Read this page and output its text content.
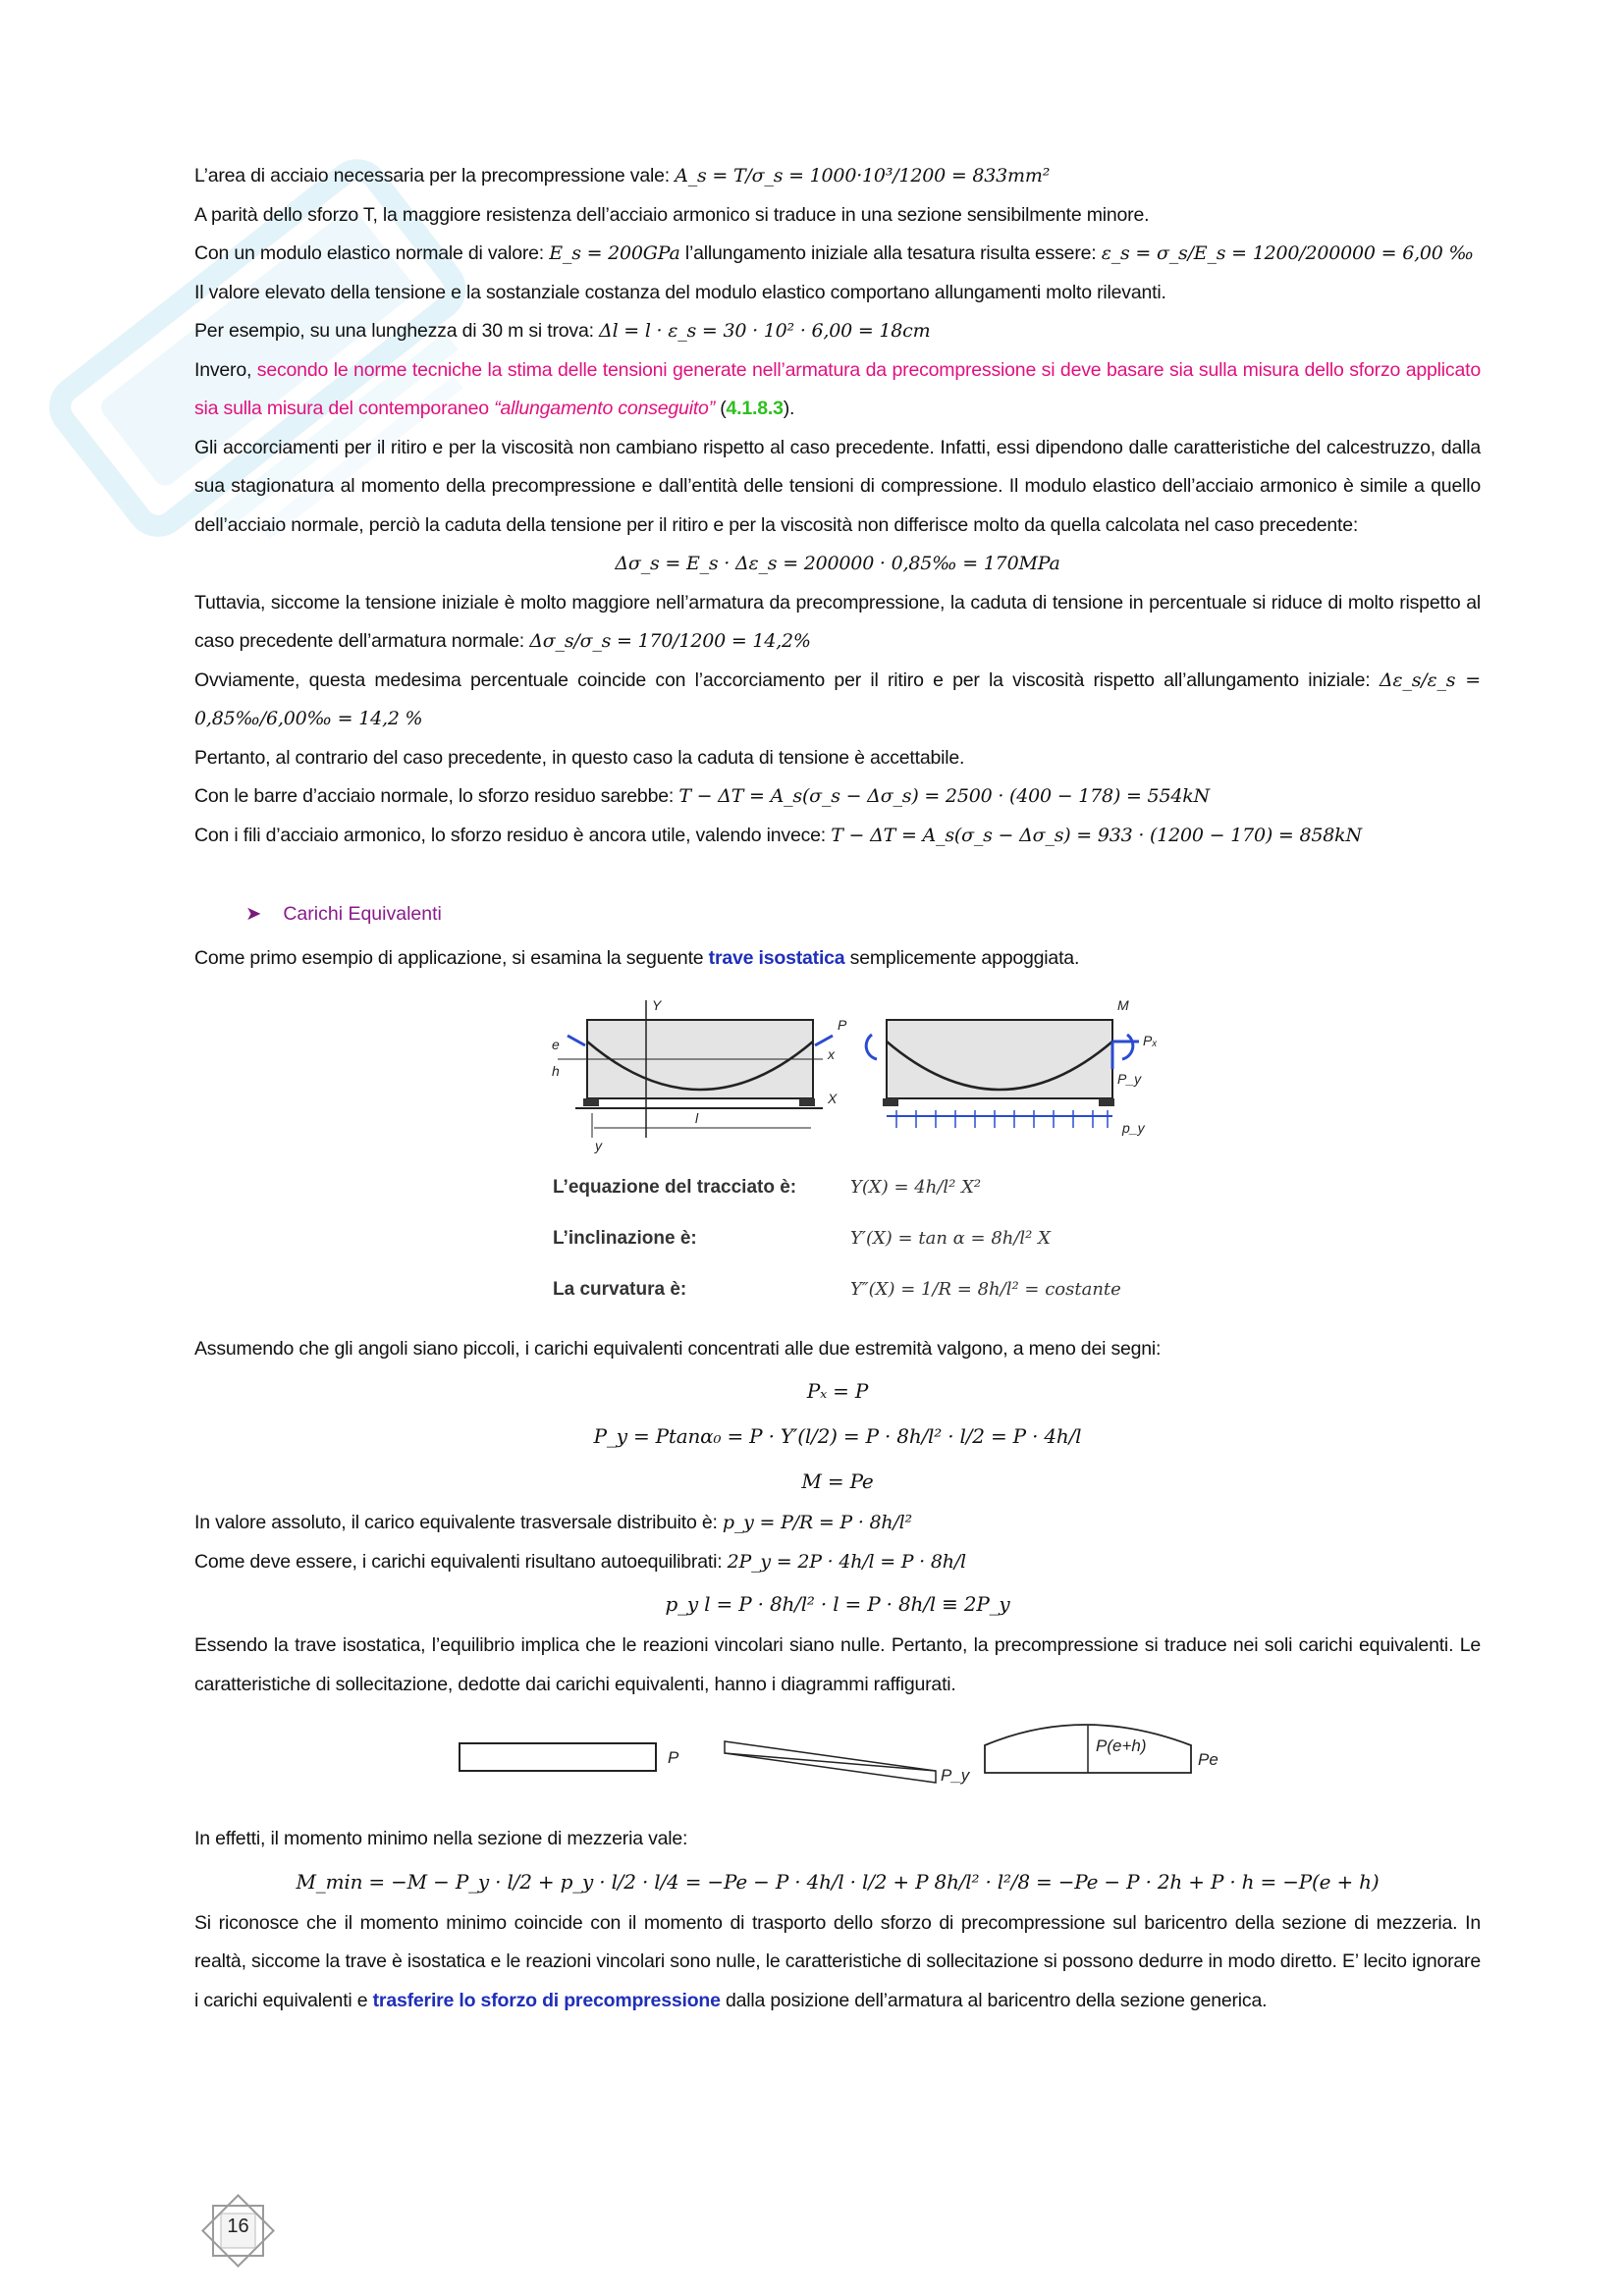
L’area di acciaio necessaria per la precompressione vale: A_s = T/σ_s = 1000·10³/1200 = 833mm²

A parità dello sforzo T, la maggiore resistenza dell’acciaio armonico si traduce in una sezione sensibilmente minore.

Con un modulo elastico normale di valore: E_s = 200GPa l’allungamento iniziale alla tesatura risulta essere: ε_s = σ_s/E_s = 1200/200000 = 6,00 ‰

Il valore elevato della tensione e la sostanziale costanza del modulo elastico comportano allungamenti molto rilevanti.

Per esempio, su una lunghezza di 30 m si trova: Δl = l · ε_s = 30 · 10² · 6,00 = 18cm

Invero, secondo le norme tecniche la stima delle tensioni generate nell’armatura da precompressione si deve basare sia sulla misura dello sforzo applicato sia sulla misura del contemporaneo “allungamento conseguito” (4.1.8.3).

Gli accorciamenti per il ritiro e per la viscosità non cambiano rispetto al caso precedente. Infatti, essi dipendono dalle caratteristiche del calcestruzzo, dalla sua stagionatura al momento della precompressione e dall’entità delle tensioni di compressione. Il modulo elastico dell’acciaio armonico è simile a quello dell’acciaio normale, perciò la caduta della tensione per il ritiro e per la viscosità non differisce molto da quella calcolata nel caso precedente:

Δσ_s = E_s · Δε_s = 200000 · 0,85‰ = 170MPa

Tuttavia, siccome la tensione iniziale è molto maggiore nell’armatura da precompressione, la caduta di tensione in percentuale si riduce di molto rispetto al caso precedente dell’armatura normale: Δσ_s/σ_s = 170/1200 = 14,2%

Ovviamente, questa medesima percentuale coincide con l’accorciamento per il ritiro e per la viscosità rispetto all’allungamento iniziale: Δε_s/ε_s = 0,85‰/6,00‰ = 14,2 %

Pertanto, al contrario del caso precedente, in questo caso la caduta di tensione è accettabile.

Con le barre d’acciaio normale, lo sforzo residuo sarebbe: T − ΔT = A_s(σ_s − Δσ_s) = 2500 · (400 − 178) = 554kN

Con i fili d’acciaio armonico, lo sforzo residuo è ancora utile, valendo invece: T − ΔT = A_s(σ_s − Δσ_s) = 933 · (1200 − 170) = 858kN

➤ Carichi Equivalenti

Come primo esempio di applicazione, si esamina la seguente trave isostatica semplicemente appoggiata.

Y
P
x
e
h
X
y
l
M
Pₓ
P_y
p_y
L’equazione del tracciato è:	Y(X) = 4h/l² X²
L’inclinazione è:	Y′(X) = tan α = 8h/l² X
La curvatura è:	Y″(X) = 1/R = 8h/l² = costante

Assumendo che gli angoli siano piccoli, i carichi equivalenti concentrati alle due estremità valgono, a meno dei segni:

Pₓ = P

P_y = Ptanα₀ = P · Y′(l/2) = P · 8h/l² · l/2 = P · 4h/l

M = Pe

In valore assoluto, il carico equivalente trasversale distribuito è: p_y = P/R = P · 8h/l²

Come deve essere, i carichi equivalenti risultano autoequilibrati: 2P_y = 2P · 4h/l = P · 8h/l

p_y l = P · 8h/l² · l = P · 8h/l ≡ 2P_y

Essendo la trave isostatica, l’equilibrio implica che le reazioni vincolari siano nulle. Pertanto, la precompressione si traduce nei soli carichi equivalenti. Le caratteristiche di sollecitazione, dedotte dai carichi equivalenti, hanno i diagrammi raffigurati.

P
P_y
P(e+h)
Pe

In effetti, il momento minimo nella sezione di mezzeria vale:

M_min = −M − P_y · l/2 + p_y · l/2 · l/4 = −Pe − P · 4h/l · l/2 + P 8h/l² · l²/8 = −Pe − P · 2h + P · h = −P(e + h)

Si riconosce che il momento minimo coincide con il momento di trasporto dello sforzo di precompressione sul baricentro della sezione di mezzeria. In realtà, siccome la trave è isostatica e le reazioni vincolari sono nulle, le caratteristiche di sollecitazione si possono dedurre in modo diretto. E’ lecito ignorare i carichi equivalenti e trasferire lo sforzo di precompressione dalla posizione dell’armatura al baricentro della sezione generica.

16
